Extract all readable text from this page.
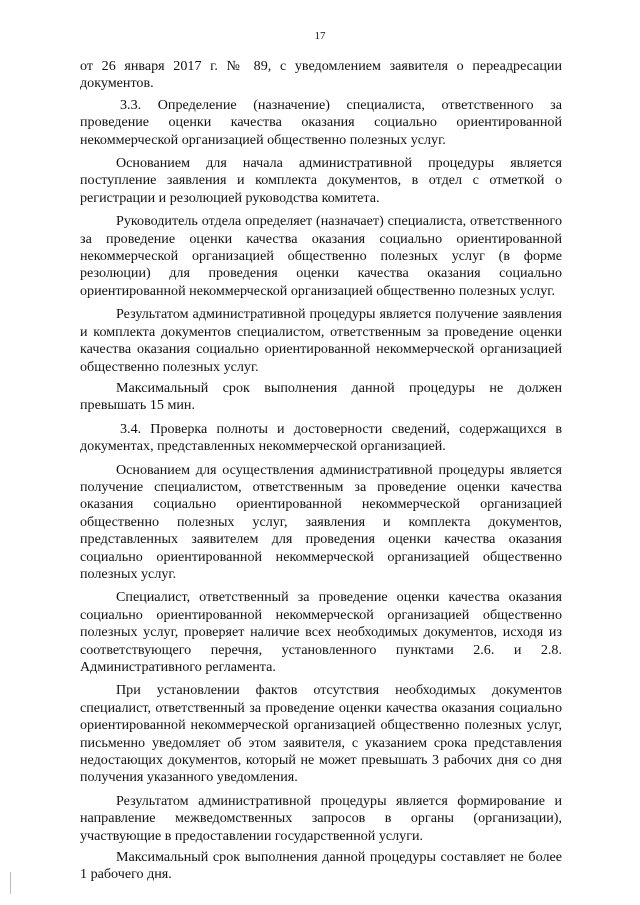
17

от 26 января 2017 г. № 89, с уведомлением заявителя о переадресации документов.

3.3. Определение (назначение) специалиста, ответственного за проведение оценки качества оказания социально ориентированной некоммерческой организацией общественно полезных услуг.

Основанием для начала административной процедуры является поступление заявления и комплекта документов, в отдел с отметкой о регистрации и резолюцией руководства комитета.

Руководитель отдела определяет (назначает) специалиста, ответственного за проведение оценки качества оказания социально ориентированной некоммерческой организацией общественно полезных услуг (в форме резолюции) для проведения оценки качества оказания социально ориентированной некоммерческой организацией общественно полезных услуг.

Результатом административной процедуры является получение заявления и комплекта документов специалистом, ответственным за проведение оценки качества оказания социально ориентированной некоммерческой организацией общественно полезных услуг.

Максимальный срок выполнения данной процедуры не должен превышать 15 мин.

3.4. Проверка полноты и достоверности сведений, содержащихся в документах, представленных некоммерческой организацией.

Основанием для осуществления административной процедуры является получение специалистом, ответственным за проведение оценки качества оказания социально ориентированной некоммерческой организацией общественно полезных услуг, заявления и комплекта документов, представленных заявителем для проведения оценки качества оказания социально ориентированной некоммерческой организацией общественно полезных услуг.

Специалист, ответственный за проведение оценки качества оказания социально ориентированной некоммерческой организацией общественно полезных услуг, проверяет наличие всех необходимых документов, исходя из соответствующего перечня, установленного пунктами 2.6. и 2.8. Административного регламента.

При установлении фактов отсутствия необходимых документов специалист, ответственный за проведение оценки качества оказания социально ориентированной некоммерческой организацией общественно полезных услуг, письменно уведомляет об этом заявителя, с указанием срока представления недостающих документов, который не может превышать 3 рабочих дня со дня получения указанного уведомления.

Результатом административной процедуры является формирование и направление межведомственных запросов в органы (организации), участвующие в предоставлении государственной услуги.

Максимальный срок выполнения данной процедуры составляет не более 1 рабочего дня.
